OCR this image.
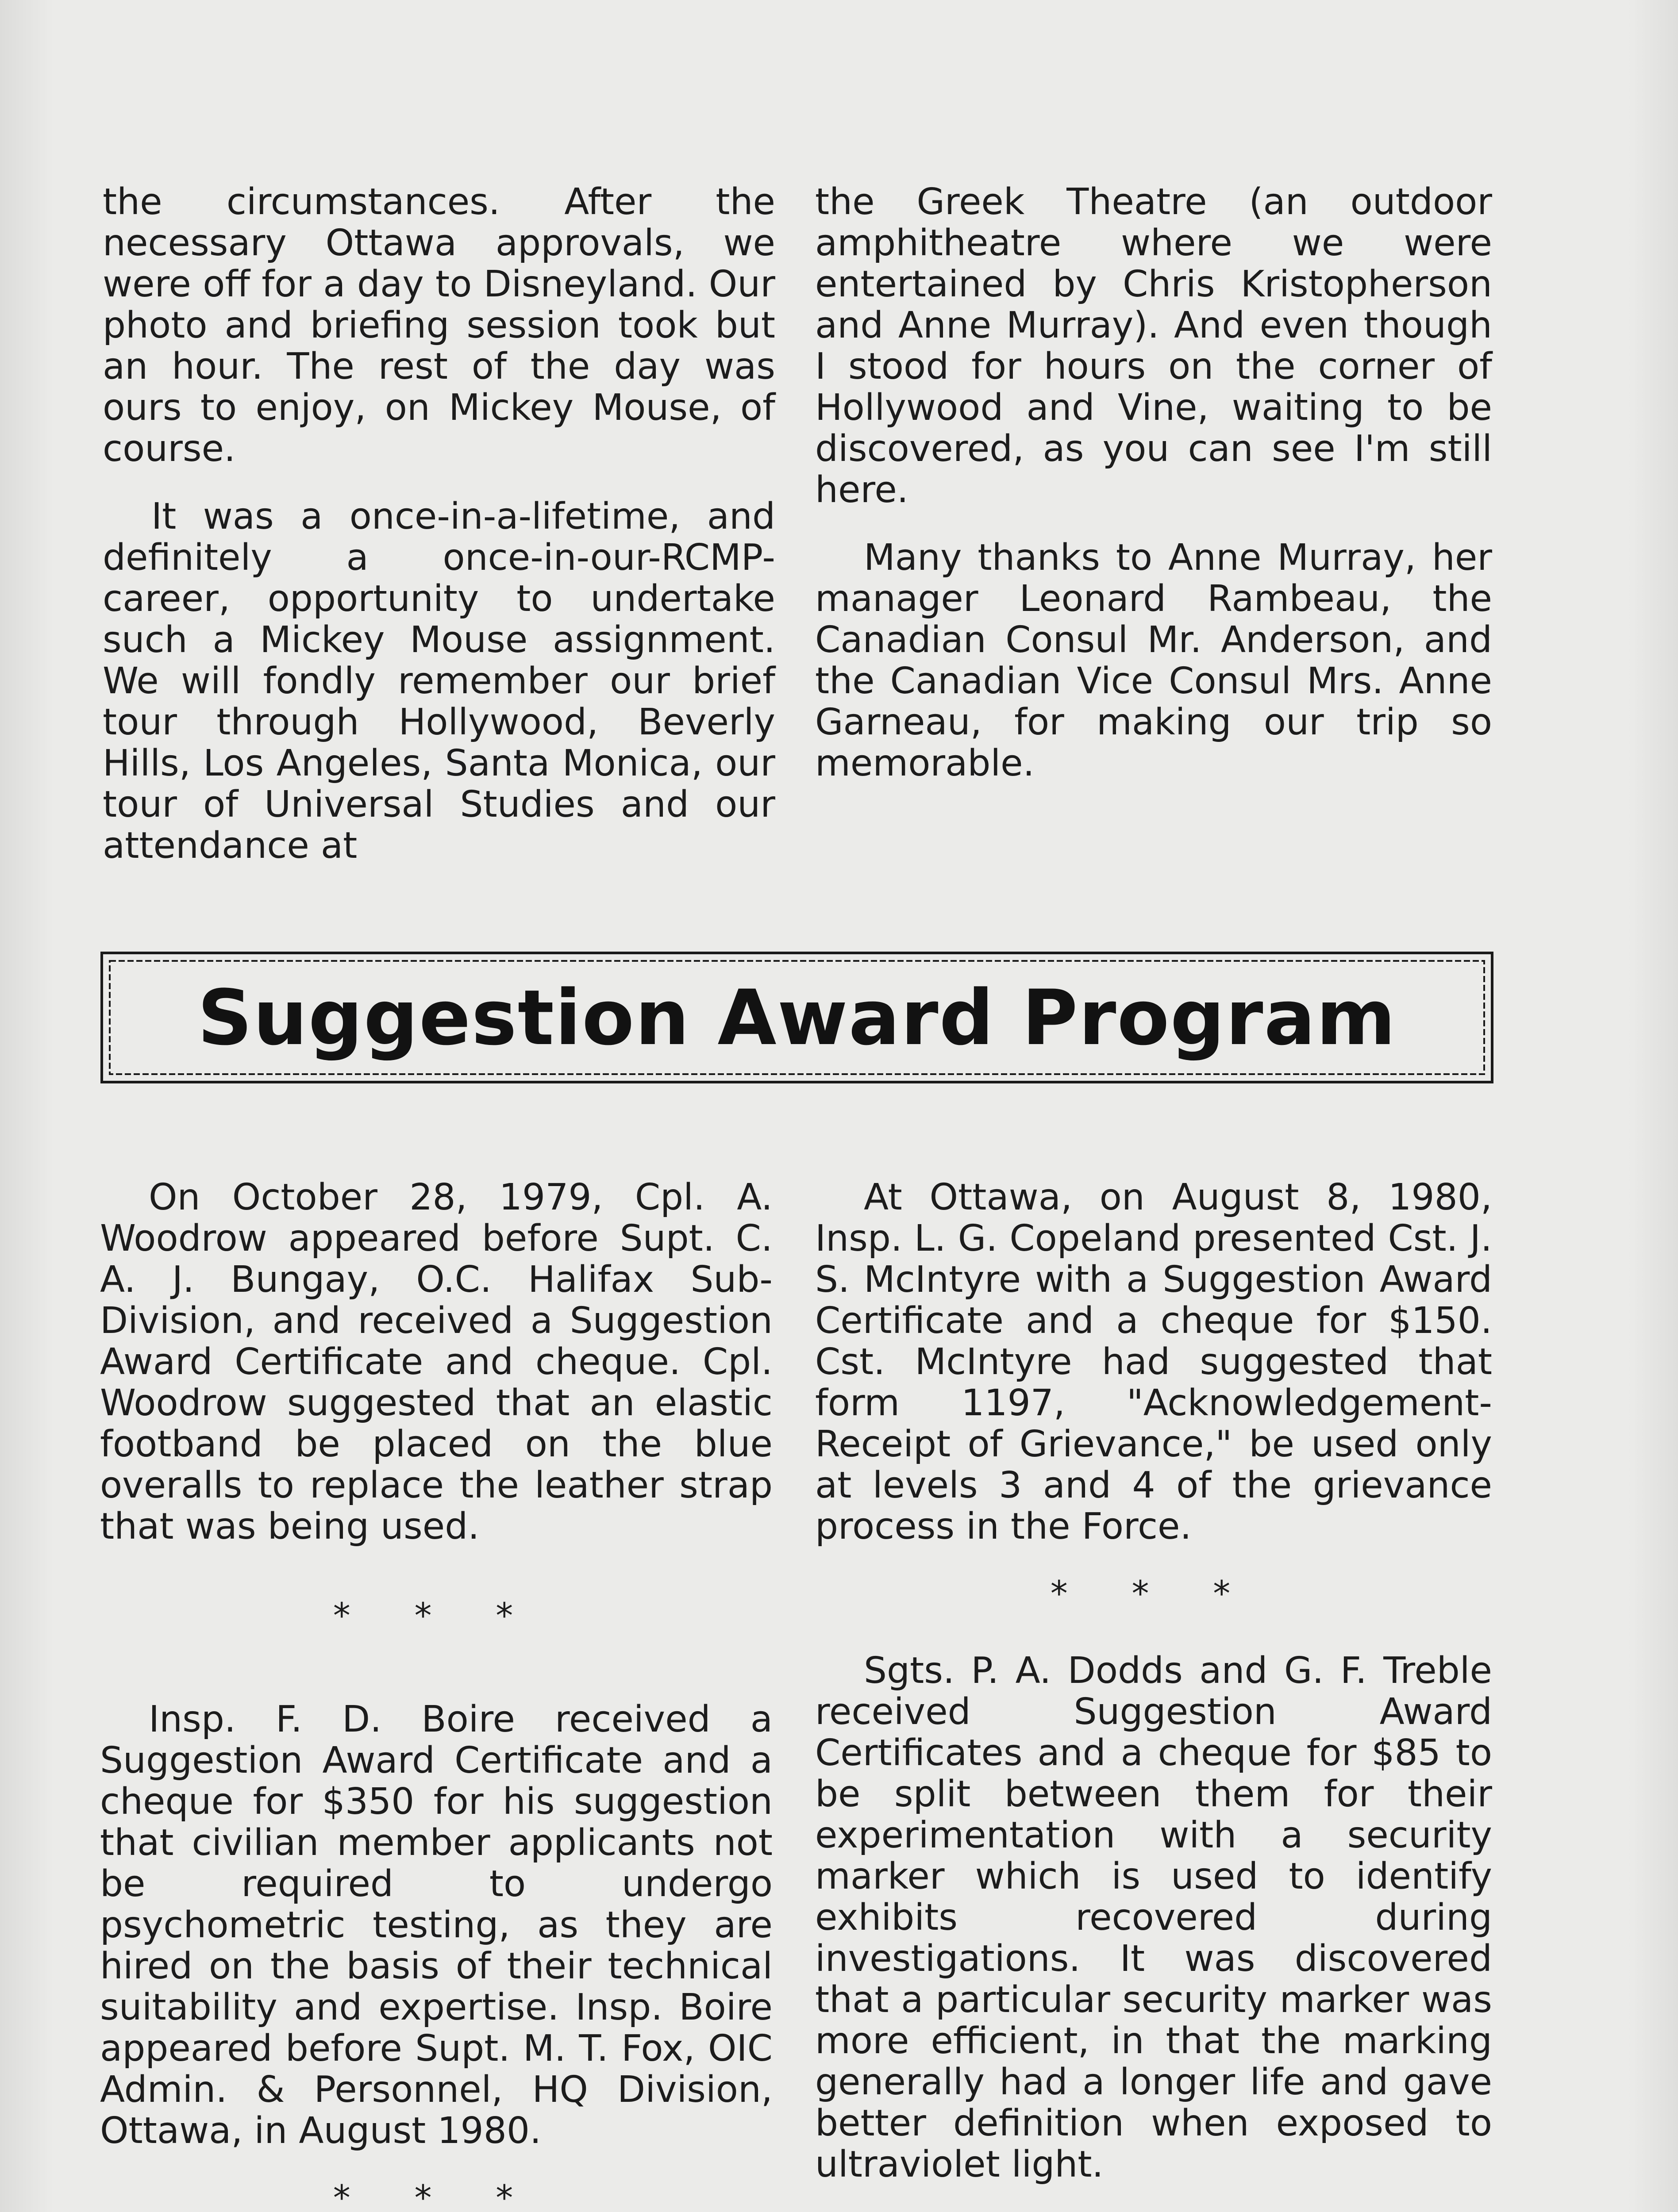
the circumstances. After the necessary Ottawa approvals, we were off for a day to Disneyland. Our photo and briefing session took but an hour. The rest of the day was ours to enjoy, on Mickey Mouse, of course.

It was a once-in-a-lifetime, and definitely a once-in-our-RCMP-career, opportunity to undertake such a Mickey Mouse assignment. We will fondly remember our brief tour through Hollywood, Beverly Hills, Los Angeles, Santa Monica, our tour of Universal Studies and our attendance at

the Greek Theatre (an outdoor amphitheatre where we were entertained by Chris Kristopherson and Anne Murray). And even though I stood for hours on the corner of Hollywood and Vine, waiting to be discovered, as you can see I'm still here.

Many thanks to Anne Murray, her manager Leonard Rambeau, the Canadian Consul Mr. Anderson, and the Canadian Vice Consul Mrs. Anne Garneau, for making our trip so memorable.

Suggestion Award Program

On October 28, 1979, Cpl. A. Woodrow appeared before Supt. C. A. J. Bungay, O.C. Halifax Sub-Division, and received a Suggestion Award Certificate and cheque. Cpl. Woodrow suggested that an elastic footband be placed on the blue overalls to replace the leather strap that was being used.

* * *

Insp. F. D. Boire received a Suggestion Award Certificate and a cheque for $350 for his suggestion that civilian member applicants not be required to undergo psychometric testing, as they are hired on the basis of their technical suitability and expertise. Insp. Boire appeared before Supt. M. T. Fox, OIC Admin. & Personnel, HQ Division, Ottawa, in August 1980.

* * *

At Ottawa, on August 8, 1980, Insp. L. G. Copeland presented Cst. J. S. McIntyre with a Suggestion Award Certificate and a cheque for $150. Cst. McIntyre had suggested that form 1197, "Acknowledgement-Receipt of Grievance," be used only at levels 3 and 4 of the grievance process in the Force.

* * *

Sgts. P. A. Dodds and G. F. Treble received Suggestion Award Certificates and a cheque for $85 to be split between them for their experimentation with a security marker which is used to identify exhibits recovered during investigations. It was discovered that a particular security marker was more efficient, in that the marking generally had a longer life and gave better definition when exposed to ultraviolet light.
